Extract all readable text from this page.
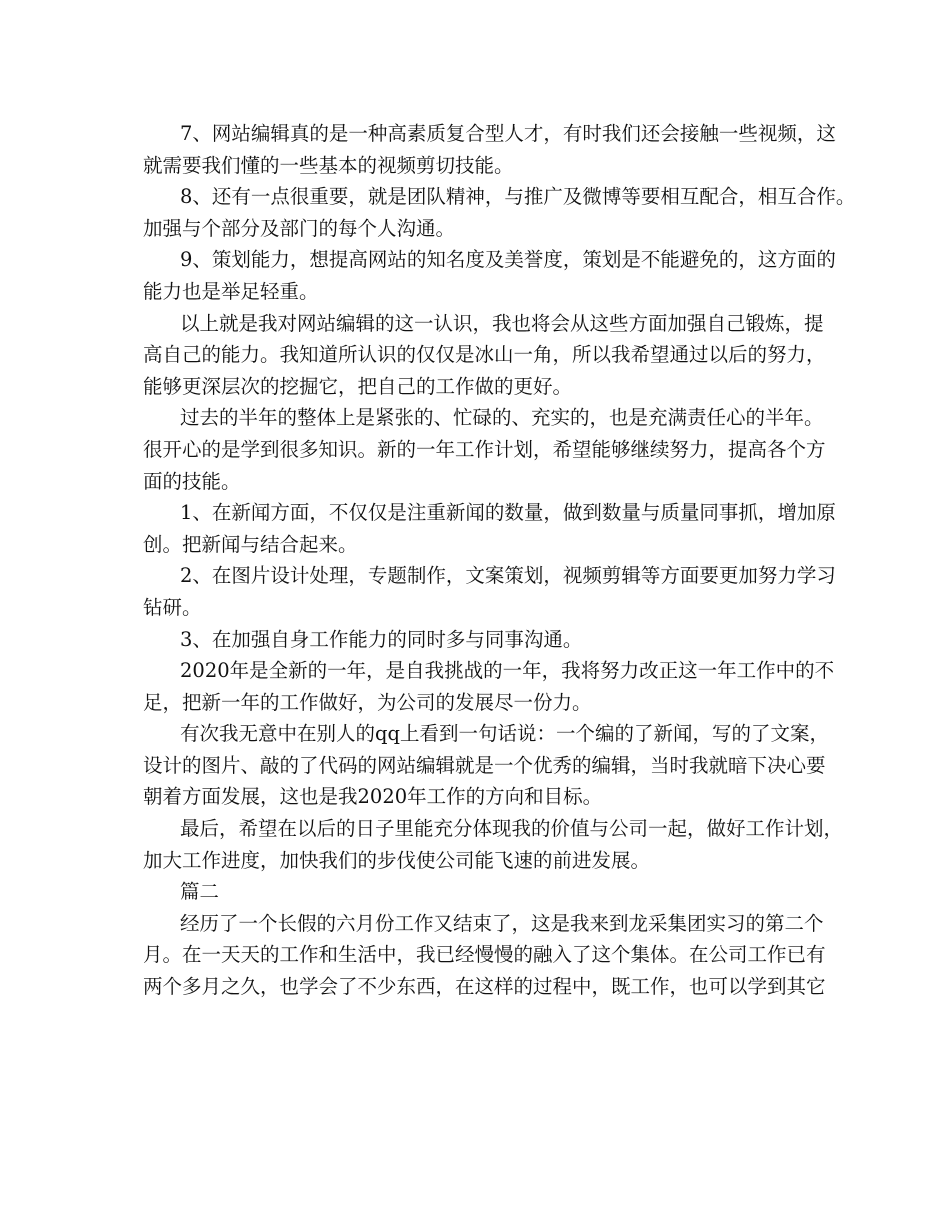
7、网站编辑真的是一种高素质复合型人才，有时我们还会接触一些视频，这
就需要我们懂的一些基本的视频剪切技能。
8、还有一点很重要，就是团队精神，与推广及微博等要相互配合，相互合作。
加强与个部分及部门的每个人沟通。
9、策划能力，想提高网站的知名度及美誉度，策划是不能避免的，这方面的
能力也是举足轻重。
以上就是我对网站编辑的这一认识，我也将会从这些方面加强自己锻炼，提
高自己的能力。我知道所认识的仅仅是冰山一角，所以我希望通过以后的努力，
能够更深层次的挖掘它，把自己的工作做的更好。
过去的半年的整体上是紧张的、忙碌的、充实的，也是充满责任心的半年。
很开心的是学到很多知识。新的一年工作计划，希望能够继续努力，提高各个方
面的技能。
1、在新闻方面，不仅仅是注重新闻的数量，做到数量与质量同事抓，增加原
创。把新闻与结合起来。
2、在图片设计处理，专题制作，文案策划，视频剪辑等方面要更加努力学习
钻研。
3、在加强自身工作能力的同时多与同事沟通。
2020年是全新的一年，是自我挑战的一年，我将努力改正这一年工作中的不
足，把新一年的工作做好，为公司的发展尽一份力。
有次我无意中在别人的qq上看到一句话说：一个编的了新闻，写的了文案，
设计的图片、敲的了代码的网站编辑就是一个优秀的编辑，当时我就暗下决心要
朝着方面发展，这也是我2020年工作的方向和目标。
最后，希望在以后的日子里能充分体现我的价值与公司一起，做好工作计划，
加大工作进度，加快我们的步伐使公司能飞速的前进发展。
篇二
经历了一个长假的六月份工作又结束了，这是我来到龙采集团实习的第二个
月。在一天天的工作和生活中，我已经慢慢的融入了这个集体。在公司工作已有
两个多月之久，也学会了不少东西，在这样的过程中，既工作，也可以学到其它
